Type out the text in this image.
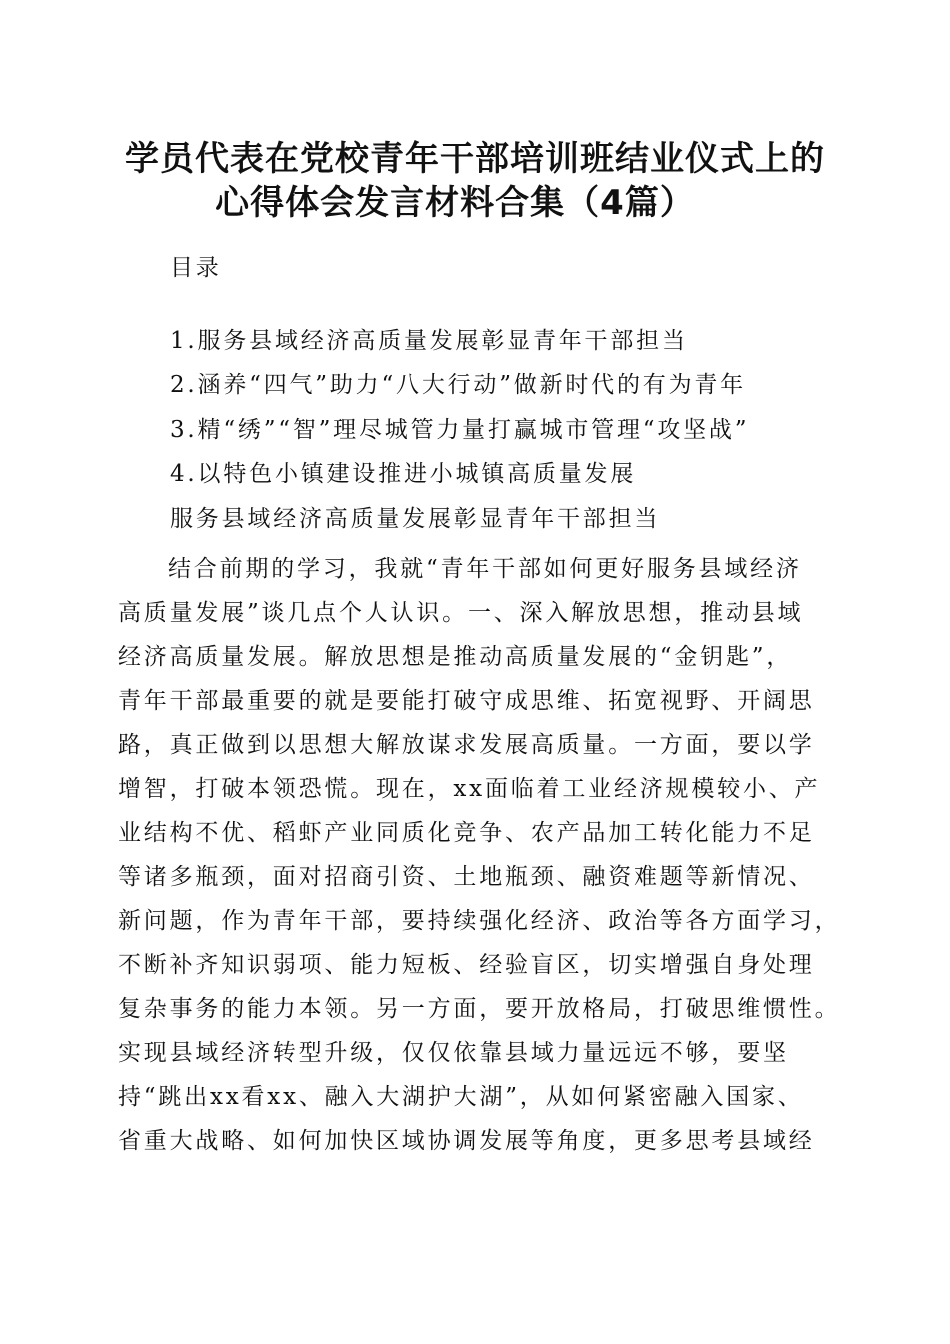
学员代表在党校青年干部培训班结业仪式上的
心得体会发言材料合集（4篇）

目录

1.服务县域经济高质量发展彰显青年干部担当

2.涵养“四气”助力“八大行动”做新时代的有为青年

3.精“绣”“智”理尽城管力量打赢城市管理“攻坚战”

4.以特色小镇建设推进小城镇高质量发展

服务县域经济高质量发展彰显青年干部担当

结合前期的学习，我就“青年干部如何更好服务县域经济
高质量发展”谈几点个人认识。一、深入解放思想，推动县域
经济高质量发展。解放思想是推动高质量发展的“金钥匙”，
青年干部最重要的就是要能打破守成思维、拓宽视野、开阔思
路，真正做到以思想大解放谋求发展高质量。一方面，要以学
增智，打破本领恐慌。现在，xx面临着工业经济规模较小、产
业结构不优、稻虾产业同质化竞争、农产品加工转化能力不足
等诸多瓶颈，面对招商引资、土地瓶颈、融资难题等新情况、
新问题，作为青年干部，要持续强化经济、政治等各方面学习，
不断补齐知识弱项、能力短板、经验盲区，切实增强自身处理
复杂事务的能力本领。另一方面，要开放格局，打破思维惯性。
实现县域经济转型升级，仅仅依靠县域力量远远不够，要坚
持“跳出xx看xx、融入大湖护大湖”，从如何紧密融入国家、
省重大战略、如何加快区域协调发展等角度，更多思考县域经
